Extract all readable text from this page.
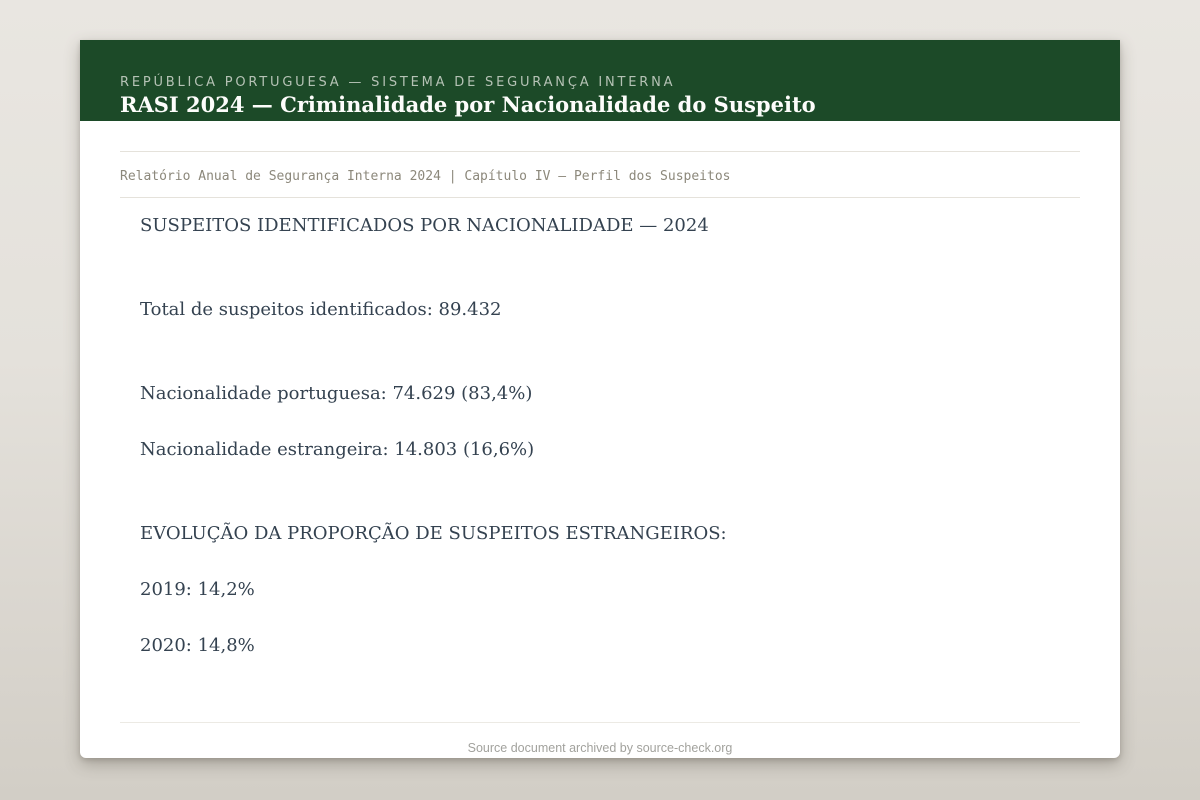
REPÚBLICA PORTUGUESA — SISTEMA DE SEGURANÇA INTERNA
RASI 2024 — Criminalidade por Nacionalidade do Suspeito
Relatório Anual de Segurança Interna 2024 | Capítulo IV — Perfil dos Suspeitos

SUSPEITOS IDENTIFICADOS POR NACIONALIDADE — 2024

Total de suspeitos identificados: 89.432

Nacionalidade portuguesa: 74.629 (83,4%)

Nacionalidade estrangeira: 14.803 (16,6%)

EVOLUÇÃO DA PROPORÇÃO DE SUSPEITOS ESTRANGEIROS:

2019: 14,2%

2020: 14,8%

Source document archived by source-check.org
